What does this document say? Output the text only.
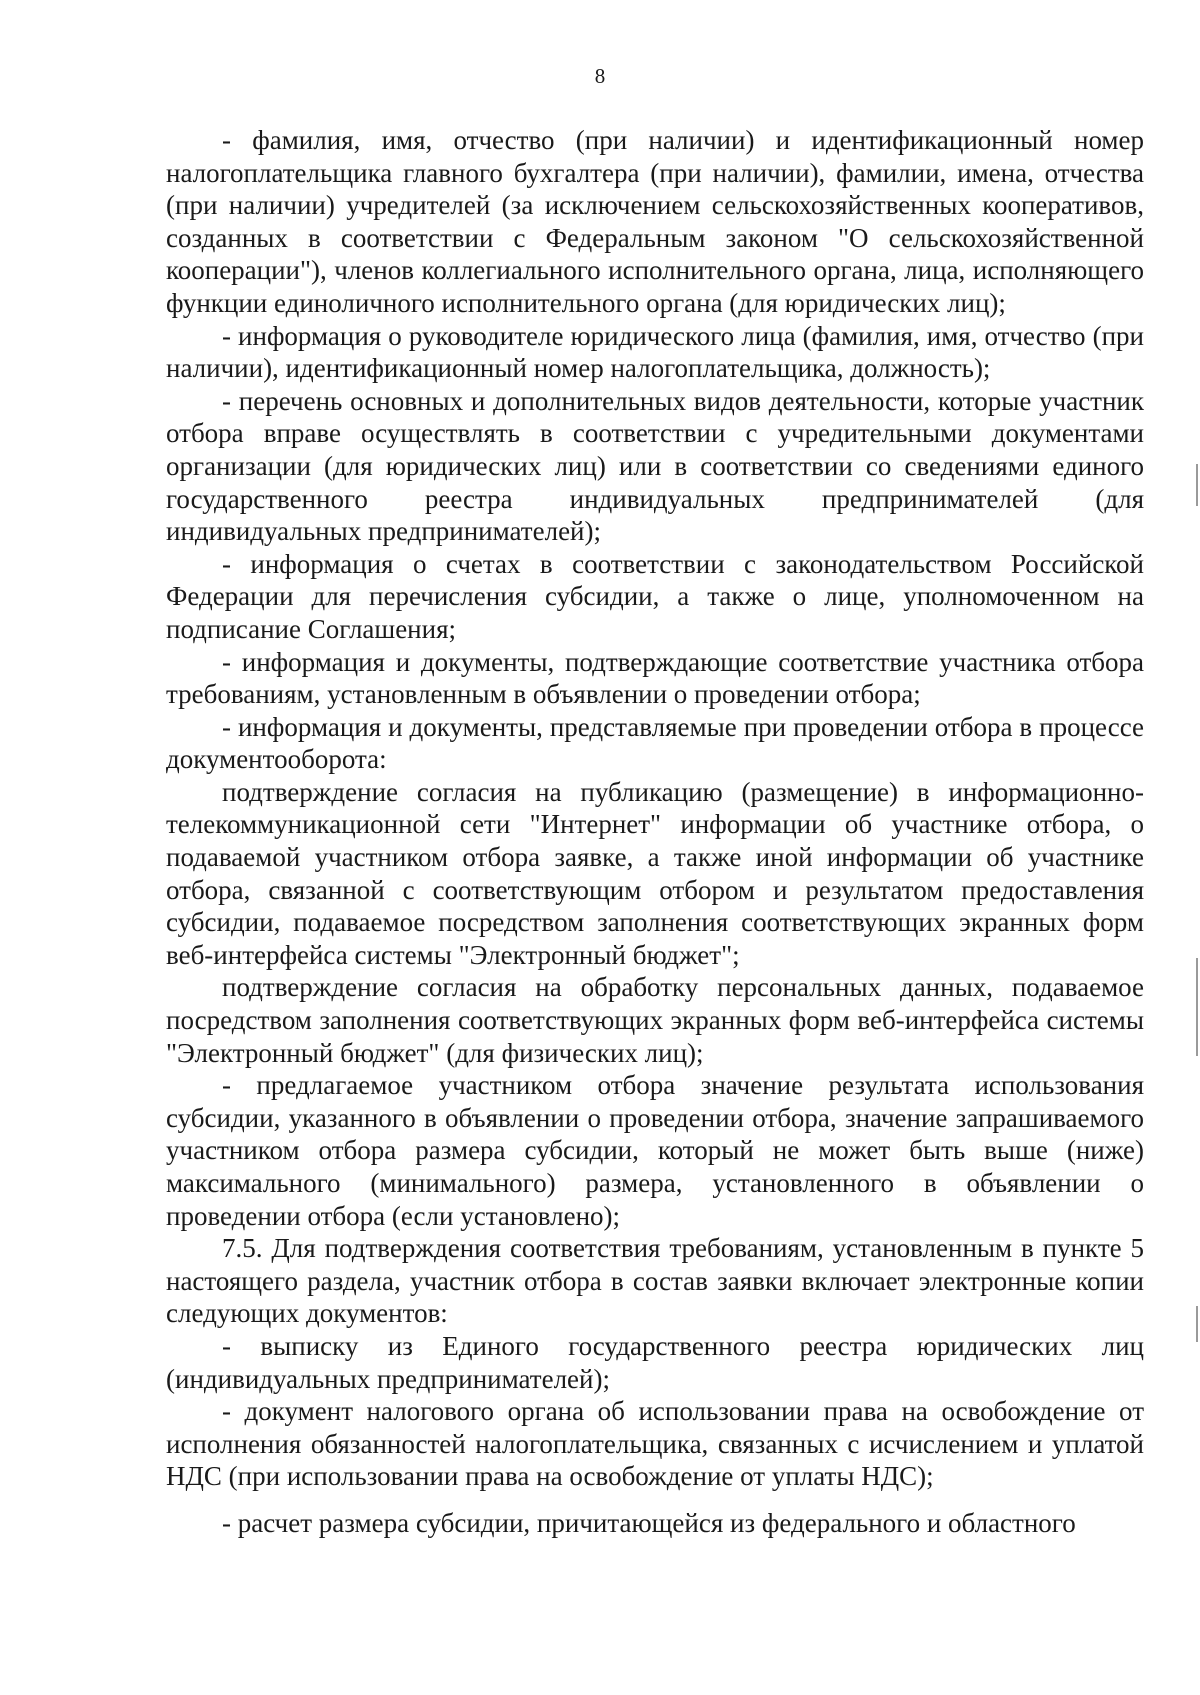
8

- фамилия, имя, отчество (при наличии) и идентификационный номер налогоплательщика главного бухгалтера (при наличии), фамилии, имена, отчества (при наличии) учредителей (за исключением сельскохозяйственных кооперативов, созданных в соответствии с Федеральным законом "О сельскохозяйственной кооперации"), членов коллегиального исполнительного органа, лица, исполняющего функции единоличного исполнительного органа (для юридических лиц);

- информация о руководителе юридического лица (фамилия, имя, отчество (при наличии), идентификационный номер налогоплательщика, должность);

- перечень основных и дополнительных видов деятельности, которые участник отбора вправе осуществлять в соответствии с учредительными документами организации (для юридических лиц) или в соответствии со сведениями единого государственного реестра индивидуальных предпринимателей (для индивидуальных предпринимателей);

- информация о счетах в соответствии с законодательством Российской Федерации для перечисления субсидии, а также о лице, уполномоченном на подписание Соглашения;

- информация и документы, подтверждающие соответствие участника отбора требованиям, установленным в объявлении о проведении отбора;

- информация и документы, представляемые при проведении отбора в процессе документооборота:

подтверждение согласия на публикацию (размещение) в информационно-телекоммуникационной сети "Интернет" информации об участнике отбора, о подаваемой участником отбора заявке, а также иной информации об участнике отбора, связанной с соответствующим отбором и результатом предоставления субсидии, подаваемое посредством заполнения соответствующих экранных форм веб-интерфейса системы "Электронный бюджет";

подтверждение согласия на обработку персональных данных, подаваемое посредством заполнения соответствующих экранных форм веб-интерфейса системы "Электронный бюджет" (для физических лиц);

- предлагаемое участником отбора значение результата использования субсидии, указанного в объявлении о проведении отбора, значение запрашиваемого участником отбора размера субсидии, который не может быть выше (ниже) максимального (минимального) размера, установленного в объявлении о проведении отбора (если установлено);

7.5. Для подтверждения соответствия требованиям, установленным в пункте 5 настоящего раздела, участник отбора в состав заявки включает электронные копии следующих документов:

- выписку из Единого государственного реестра юридических лиц (индивидуальных предпринимателей);

- документ налогового органа об использовании права на освобождение от исполнения обязанностей налогоплательщика, связанных с исчислением и уплатой НДС (при использовании права на освобождение от уплаты НДС);

- расчет размера субсидии, причитающейся из федерального и областного
